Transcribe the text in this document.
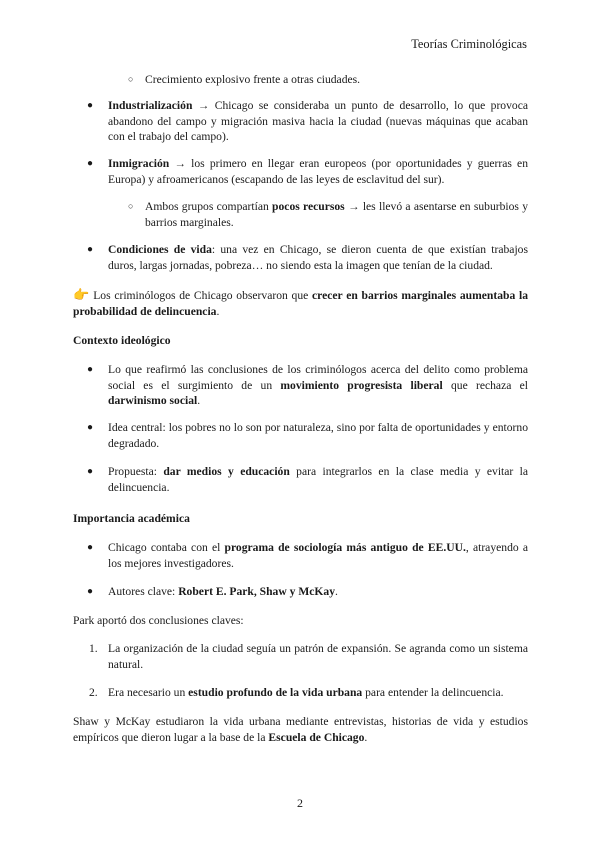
Teorías Criminológicas
○ Crecimiento explosivo frente a otras ciudades.
● Industrialización → Chicago se consideraba un punto de desarrollo, lo que provoca abandono del campo y migración masiva hacia la ciudad (nuevas máquinas que acaban con el trabajo del campo).
● Inmigración → los primero en llegar eran europeos (por oportunidades y guerras en Europa) y afroamericanos (escapando de las leyes de esclavitud del sur).
○ Ambos grupos compartían pocos recursos → les llevó a asentarse en suburbios y barrios marginales.
● Condiciones de vida: una vez en Chicago, se dieron cuenta de que existían trabajos duros, largas jornadas, pobreza… no siendo esta la imagen que tenían de la ciudad.
👉 Los criminólogos de Chicago observaron que crecer en barrios marginales aumentaba la probabilidad de delincuencia.
Contexto ideológico
● Lo que reafirmó las conclusiones de los criminólogos acerca del delito como problema social es el surgimiento de un movimiento progresista liberal que rechaza el darwinismo social.
● Idea central: los pobres no lo son por naturaleza, sino por falta de oportunidades y entorno degradado.
● Propuesta: dar medios y educación para integrarlos en la clase media y evitar la delincuencia.
Importancia académica
● Chicago contaba con el programa de sociología más antiguo de EE.UU., atrayendo a los mejores investigadores.
● Autores clave: Robert E. Park, Shaw y McKay.
Park aportó dos conclusiones claves:
1. La organización de la ciudad seguía un patrón de expansión. Se agranda como un sistema natural.
2. Era necesario un estudio profundo de la vida urbana para entender la delincuencia.
Shaw y McKay estudiaron la vida urbana mediante entrevistas, historias de vida y estudios empíricos que dieron lugar a la base de la Escuela de Chicago.
2
